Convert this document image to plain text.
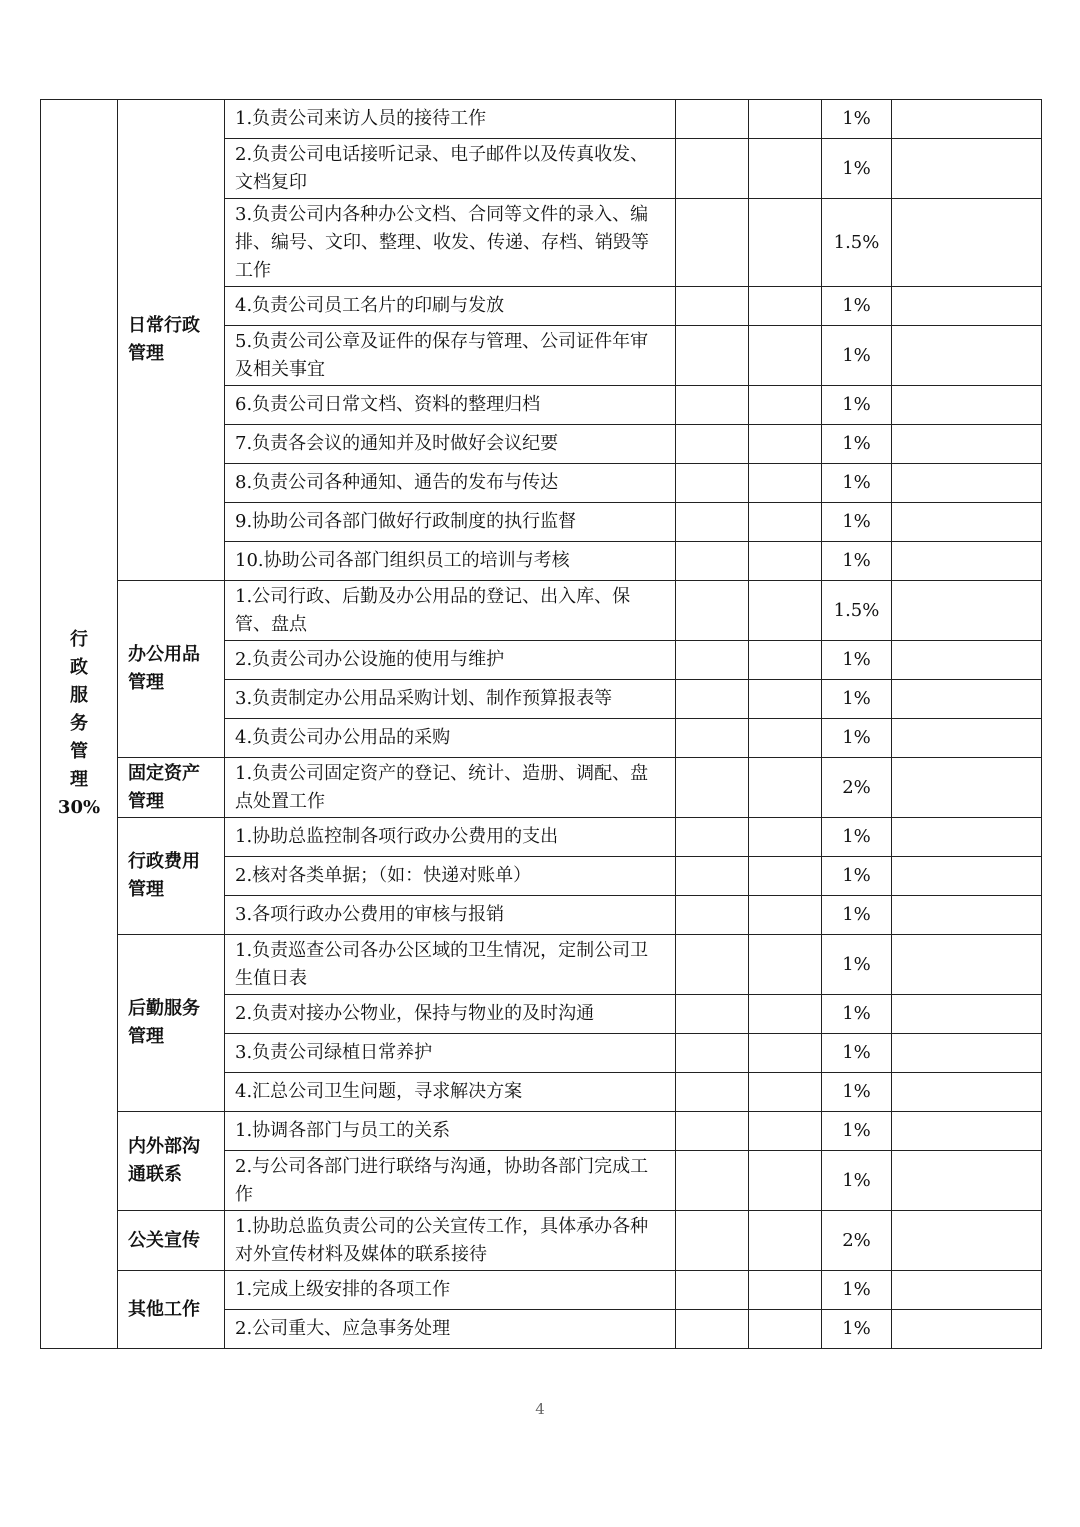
行政服务管理
30%	日常行政管理	1.负责公司来访人员的接待工作			1%	
		2.负责公司电话接听记录、电子邮件以及传真收发、文档复印			1%	
		3.负责公司内各种办公文档、合同等文件的录入、编排、编号、文印、整理、收发、传递、存档、销毁等工作			1.5%	
		4.负责公司员工名片的印刷与发放			1%	
		5.负责公司公章及证件的保存与管理、公司证件年审及相关事宜			1%	
		6.负责公司日常文档、资料的整理归档			1%	
		7.负责各会议的通知并及时做好会议纪要			1%	
		8.负责公司各种通知、通告的发布与传达			1%	
		9.协助公司各部门做好行政制度的执行监督			1%	
		10.协助公司各部门组织员工的培训与考核			1%	
	办公用品管理	1.公司行政、后勤及办公用品的登记、出入库、保管、盘点			1.5%	
		2.负责公司办公设施的使用与维护			1%	
		3.负责制定办公用品采购计划、制作预算报表等			1%	
		4.负责公司办公用品的采购			1%	
	固定资产管理	1.负责公司固定资产的登记、统计、造册、调配、盘点处置工作			2%	
	行政费用管理	1.协助总监控制各项行政办公费用的支出			1%	
		2.核对各类单据；（如：快递对账单）			1%	
		3.各项行政办公费用的审核与报销			1%	
	后勤服务管理	1.负责巡查公司各办公区域的卫生情况，定制公司卫生值日表			1%	
		2.负责对接办公物业，保持与物业的及时沟通			1%	
		3.负责公司绿植日常养护			1%	
		4.汇总公司卫生问题，寻求解决方案			1%	
	内外部沟通联系	1.协调各部门与员工的关系			1%	
		2.与公司各部门进行联络与沟通，协助各部门完成工作			1%	
	公关宣传	1.协助总监负责公司的公关宣传工作，具体承办各种对外宣传材料及媒体的联系接待			2%	
	其他工作	1.完成上级安排的各项工作			1%	
		2.公司重大、应急事务处理			1%	
4
